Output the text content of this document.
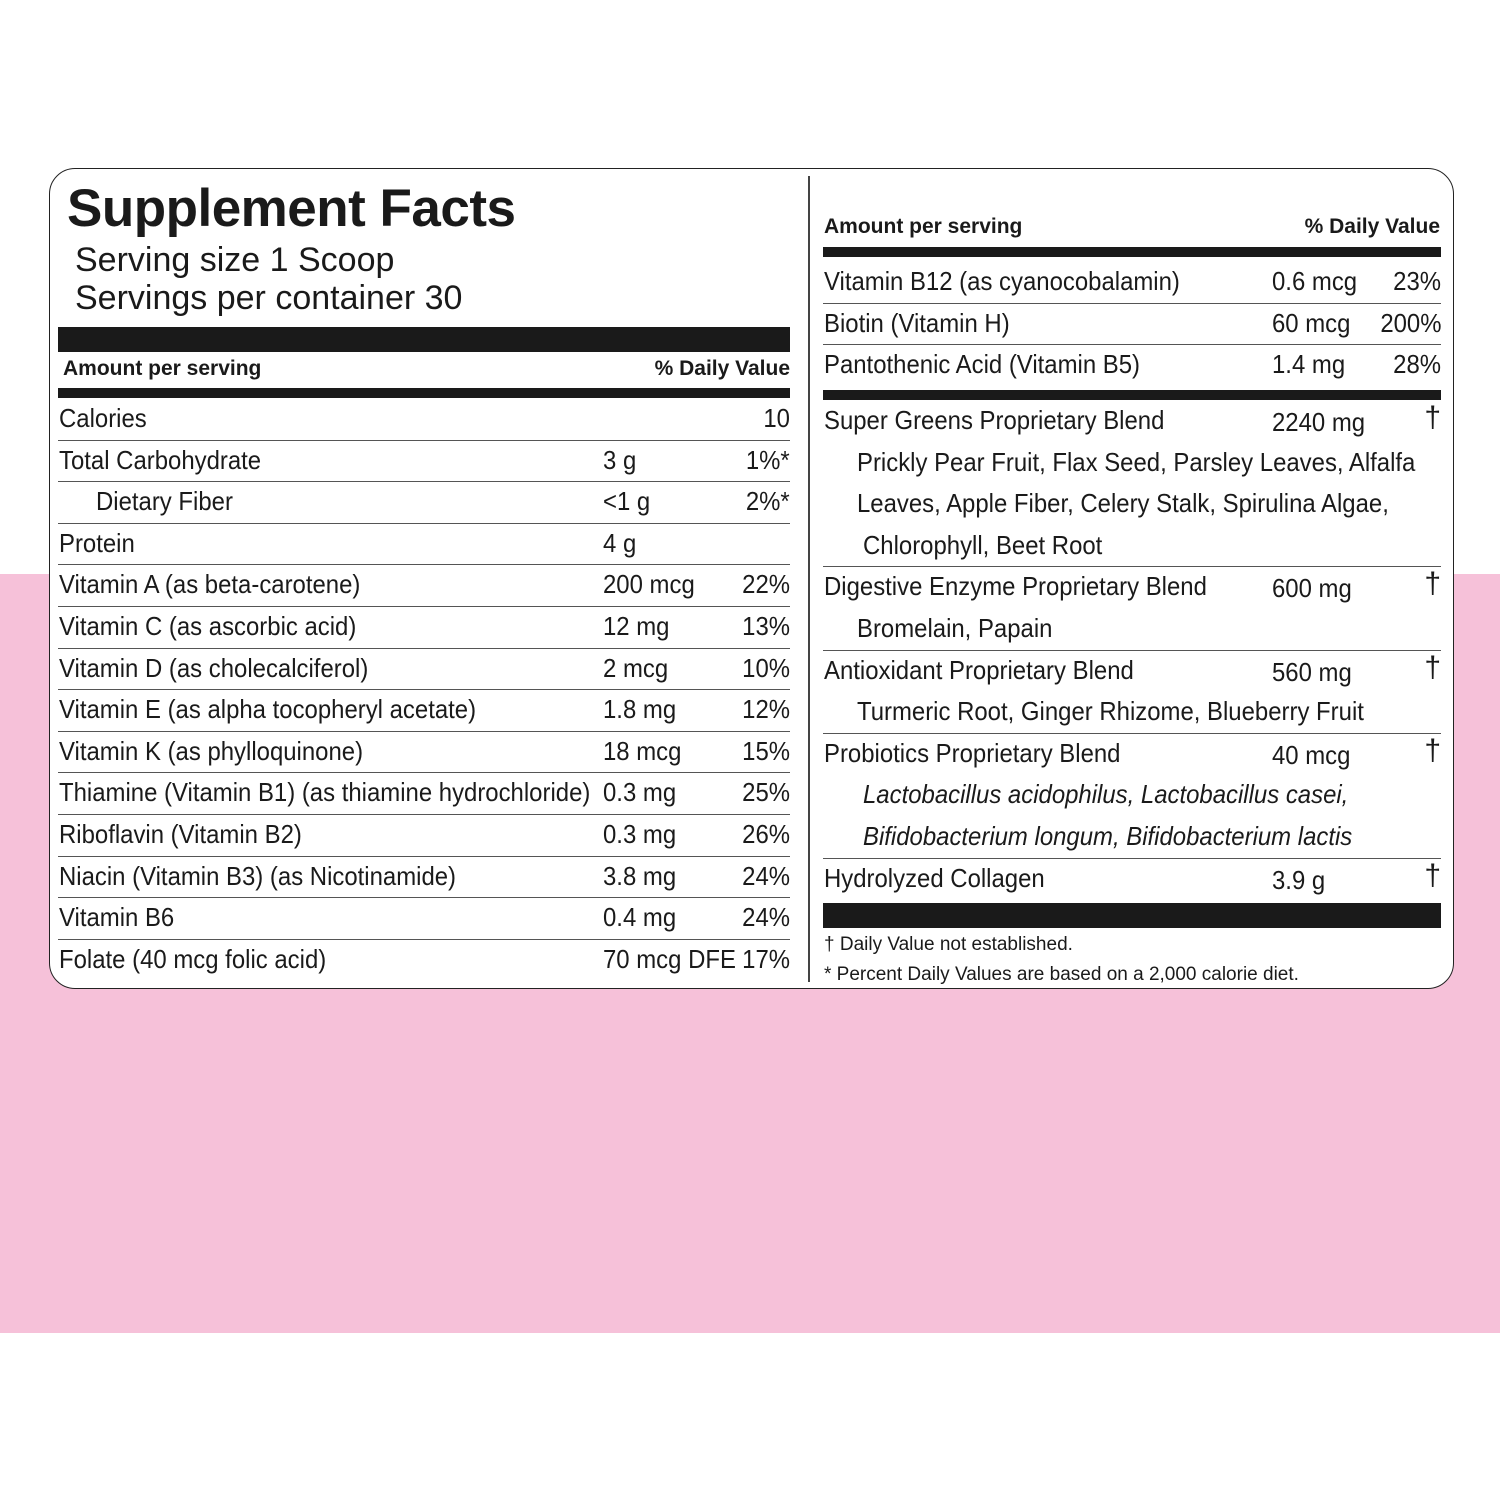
Supplement Facts
Serving size 1 Scoop
Servings per container 30
Amount per serving	% Daily Value
Calories	10
Total Carbohydrate	3 g	1%*
Dietary Fiber	<1 g	2%*
Protein	4 g
Vitamin A (as beta-carotene)	200 mcg 22%
Vitamin C (as ascorbic acid)	12 mg	13%
Vitamin D (as cholecalciferol)	2 mcg	10%
Vitamin E (as alpha tocopheryl acetate)	1.8 mg	12%
Vitamin K (as phylloquinone)	18 mcg 15%
Thiamine (Vitamin B1) (as thiamine hydrochloride) 0.3 mg	25%
Riboflavin (Vitamin B2)	0.3 mg	26%
Niacin (Vitamin B3) (as Nicotinamide)	3.8 mg	24%
Vitamin B6	0.4 mg	24%
Folate (40 mcg folic acid)	70 mcg DFE 17%
Amount per serving	% Daily Value
Vitamin B12 (as cyanocobalamin)	0.6 mcg 23%
Biotin (Vitamin H)	60 mcg 200%
Pantothenic Acid (Vitamin B5)	1.4 mg 28%
Super Greens Proprietary Blend	2240 mg †
Prickly Pear Fruit, Flax Seed, Parsley Leaves, Alfalfa
Leaves, Apple Fiber, Celery Stalk, Spirulina Algae,
Chlorophyll, Beet Root
Digestive Enzyme Proprietary Blend	600 mg †
Bromelain, Papain
Antioxidant Proprietary Blend	560 mg †
Turmeric Root, Ginger Rhizome, Blueberry Fruit
Probiotics Proprietary Blend	40 mcg †
Lactobacillus acidophilus, Lactobacillus casei,
Bifidobacterium longum, Bifidobacterium lactis
Hydrolyzed Collagen	3.9 g	†
† Daily Value not established.
* Percent Daily Values are based on a 2,000 calorie diet.
